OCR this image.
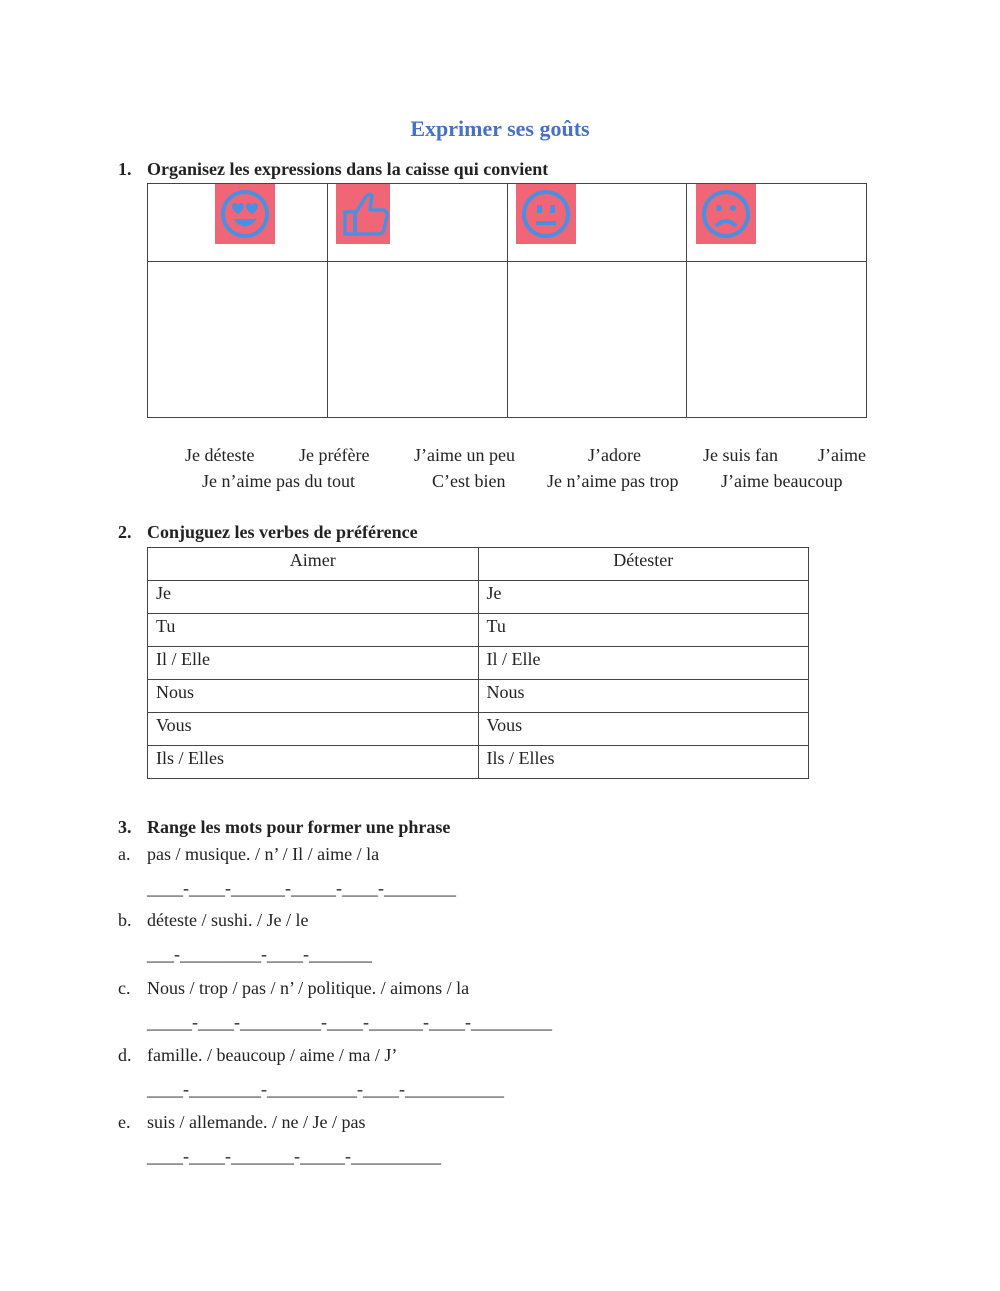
Exprimer ses goûts
1. Organisez les expressions dans la caisse qui convient

Je déteste Je préfère J’aime un peu	J’adore	Je suis fan J’aime
Je n’aime pas du tout	C’est bien Je n’aime pas trop J’aime beaucoup
2. Conjuguez les verbes de préférence
Aimer	Détester
Je	Je
Tu	Tu
Il / Elle	Il / Elle
Nous	Nous
Vous	Vous
Ils / Elles	Ils / Elles
3. Range les mots pour former une phrase
a. pas / musique. / n’ / Il / aime / la
____-____-______-_____-____-________
b. déteste / sushi. / Je / le
___-_________-____-_______
c. Nous / trop / pas / n’ / politique. / aimons / la
_____-____-_________-____-______-____-_________
d. famille. / beaucoup / aime / ma / J’
____-________-__________-____-___________
e. suis / allemande. / ne / Je / pas
____-____-_______-_____-__________
